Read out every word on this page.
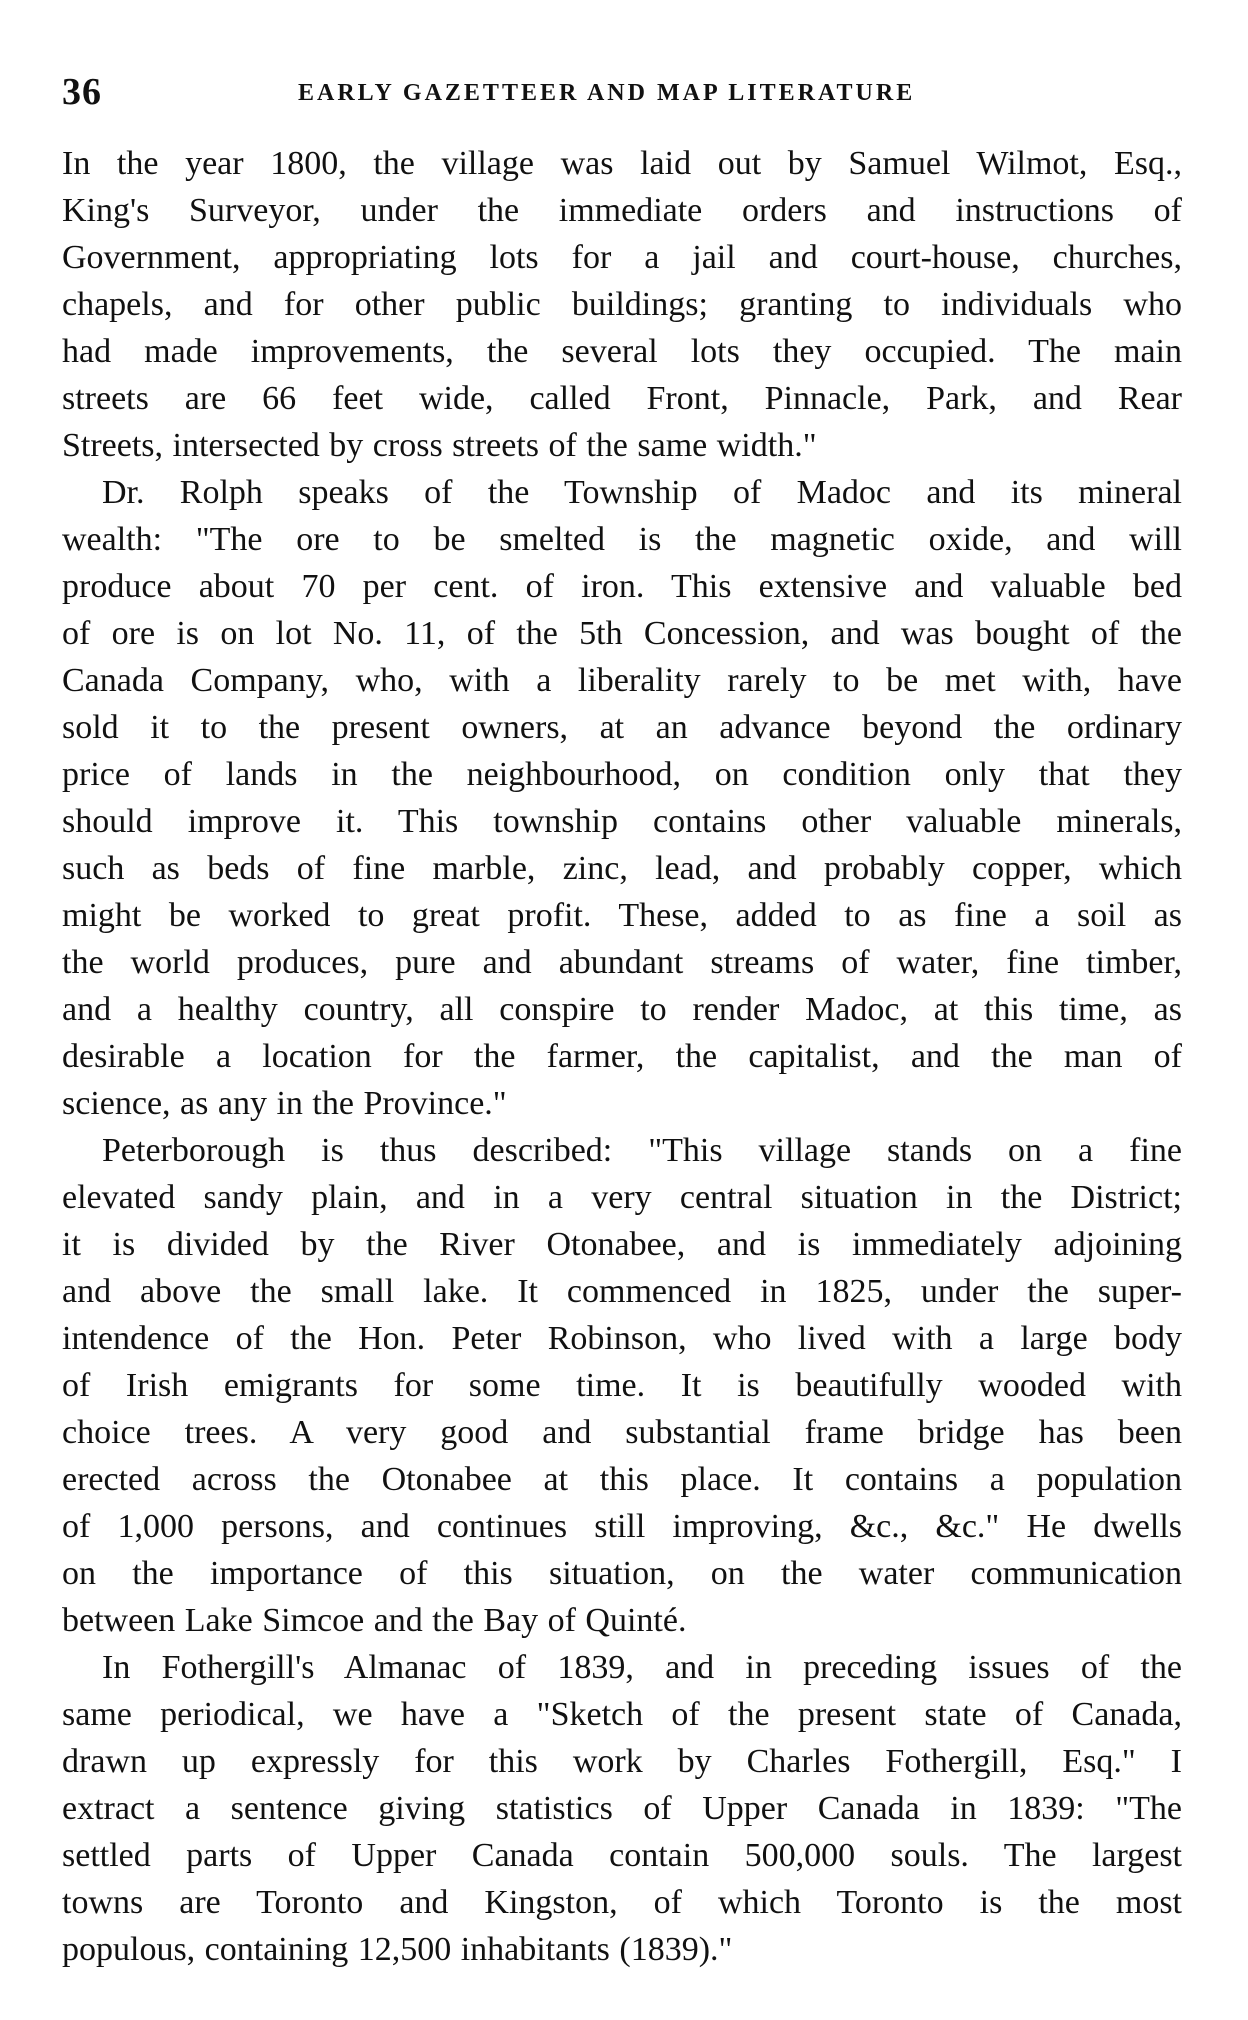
36	EARLY GAZETTEER AND MAP LITERATURE

In the year 1800, the village was laid out by Samuel Wilmot, Esq.,
King's Surveyor, under the immediate orders and instructions of
Government, appropriating lots for a jail and court-house, churches,
chapels, and for other public buildings; granting to individuals who
had made improvements, the several lots they occupied. The main
streets are 66 feet wide, called Front, Pinnacle, Park, and Rear
Streets, intersected by cross streets of the same width."

Dr. Rolph speaks of the Township of Madoc and its mineral
wealth: "The ore to be smelted is the magnetic oxide, and will
produce about 70 per cent. of iron. This extensive and valuable bed
of ore is on lot No. 11, of the 5th Concession, and was bought of the
Canada Company, who, with a liberality rarely to be met with, have
sold it to the present owners, at an advance beyond the ordinary
price of lands in the neighbourhood, on condition only that they
should improve it. This township contains other valuable minerals,
such as beds of fine marble, zinc, lead, and probably copper, which
might be worked to great profit. These, added to as fine a soil as
the world produces, pure and abundant streams of water, fine timber,
and a healthy country, all conspire to render Madoc, at this time, as
desirable a location for the farmer, the capitalist, and the man of
science, as any in the Province."

Peterborough is thus described: "This village stands on a fine
elevated sandy plain, and in a very central situation in the District;
it is divided by the River Otonabee, and is immediately adjoining
and above the small lake. It commenced in 1825, under the super-
intendence of the Hon. Peter Robinson, who lived with a large body
of Irish emigrants for some time. It is beautifully wooded with
choice trees. A very good and substantial frame bridge has been
erected across the Otonabee at this place. It contains a population
of 1,000 persons, and continues still improving, &c., &c." He dwells
on the importance of this situation, on the water communication
between Lake Simcoe and the Bay of Quinté.

In Fothergill's Almanac of 1839, and in preceding issues of the
same periodical, we have a "Sketch of the present state of Canada,
drawn up expressly for this work by Charles Fothergill, Esq." I
extract a sentence giving statistics of Upper Canada in 1839: "The
settled parts of Upper Canada contain 500,000 souls. The largest
towns are Toronto and Kingston, of which Toronto is the most
populous, containing 12,500 inhabitants (1839)."
